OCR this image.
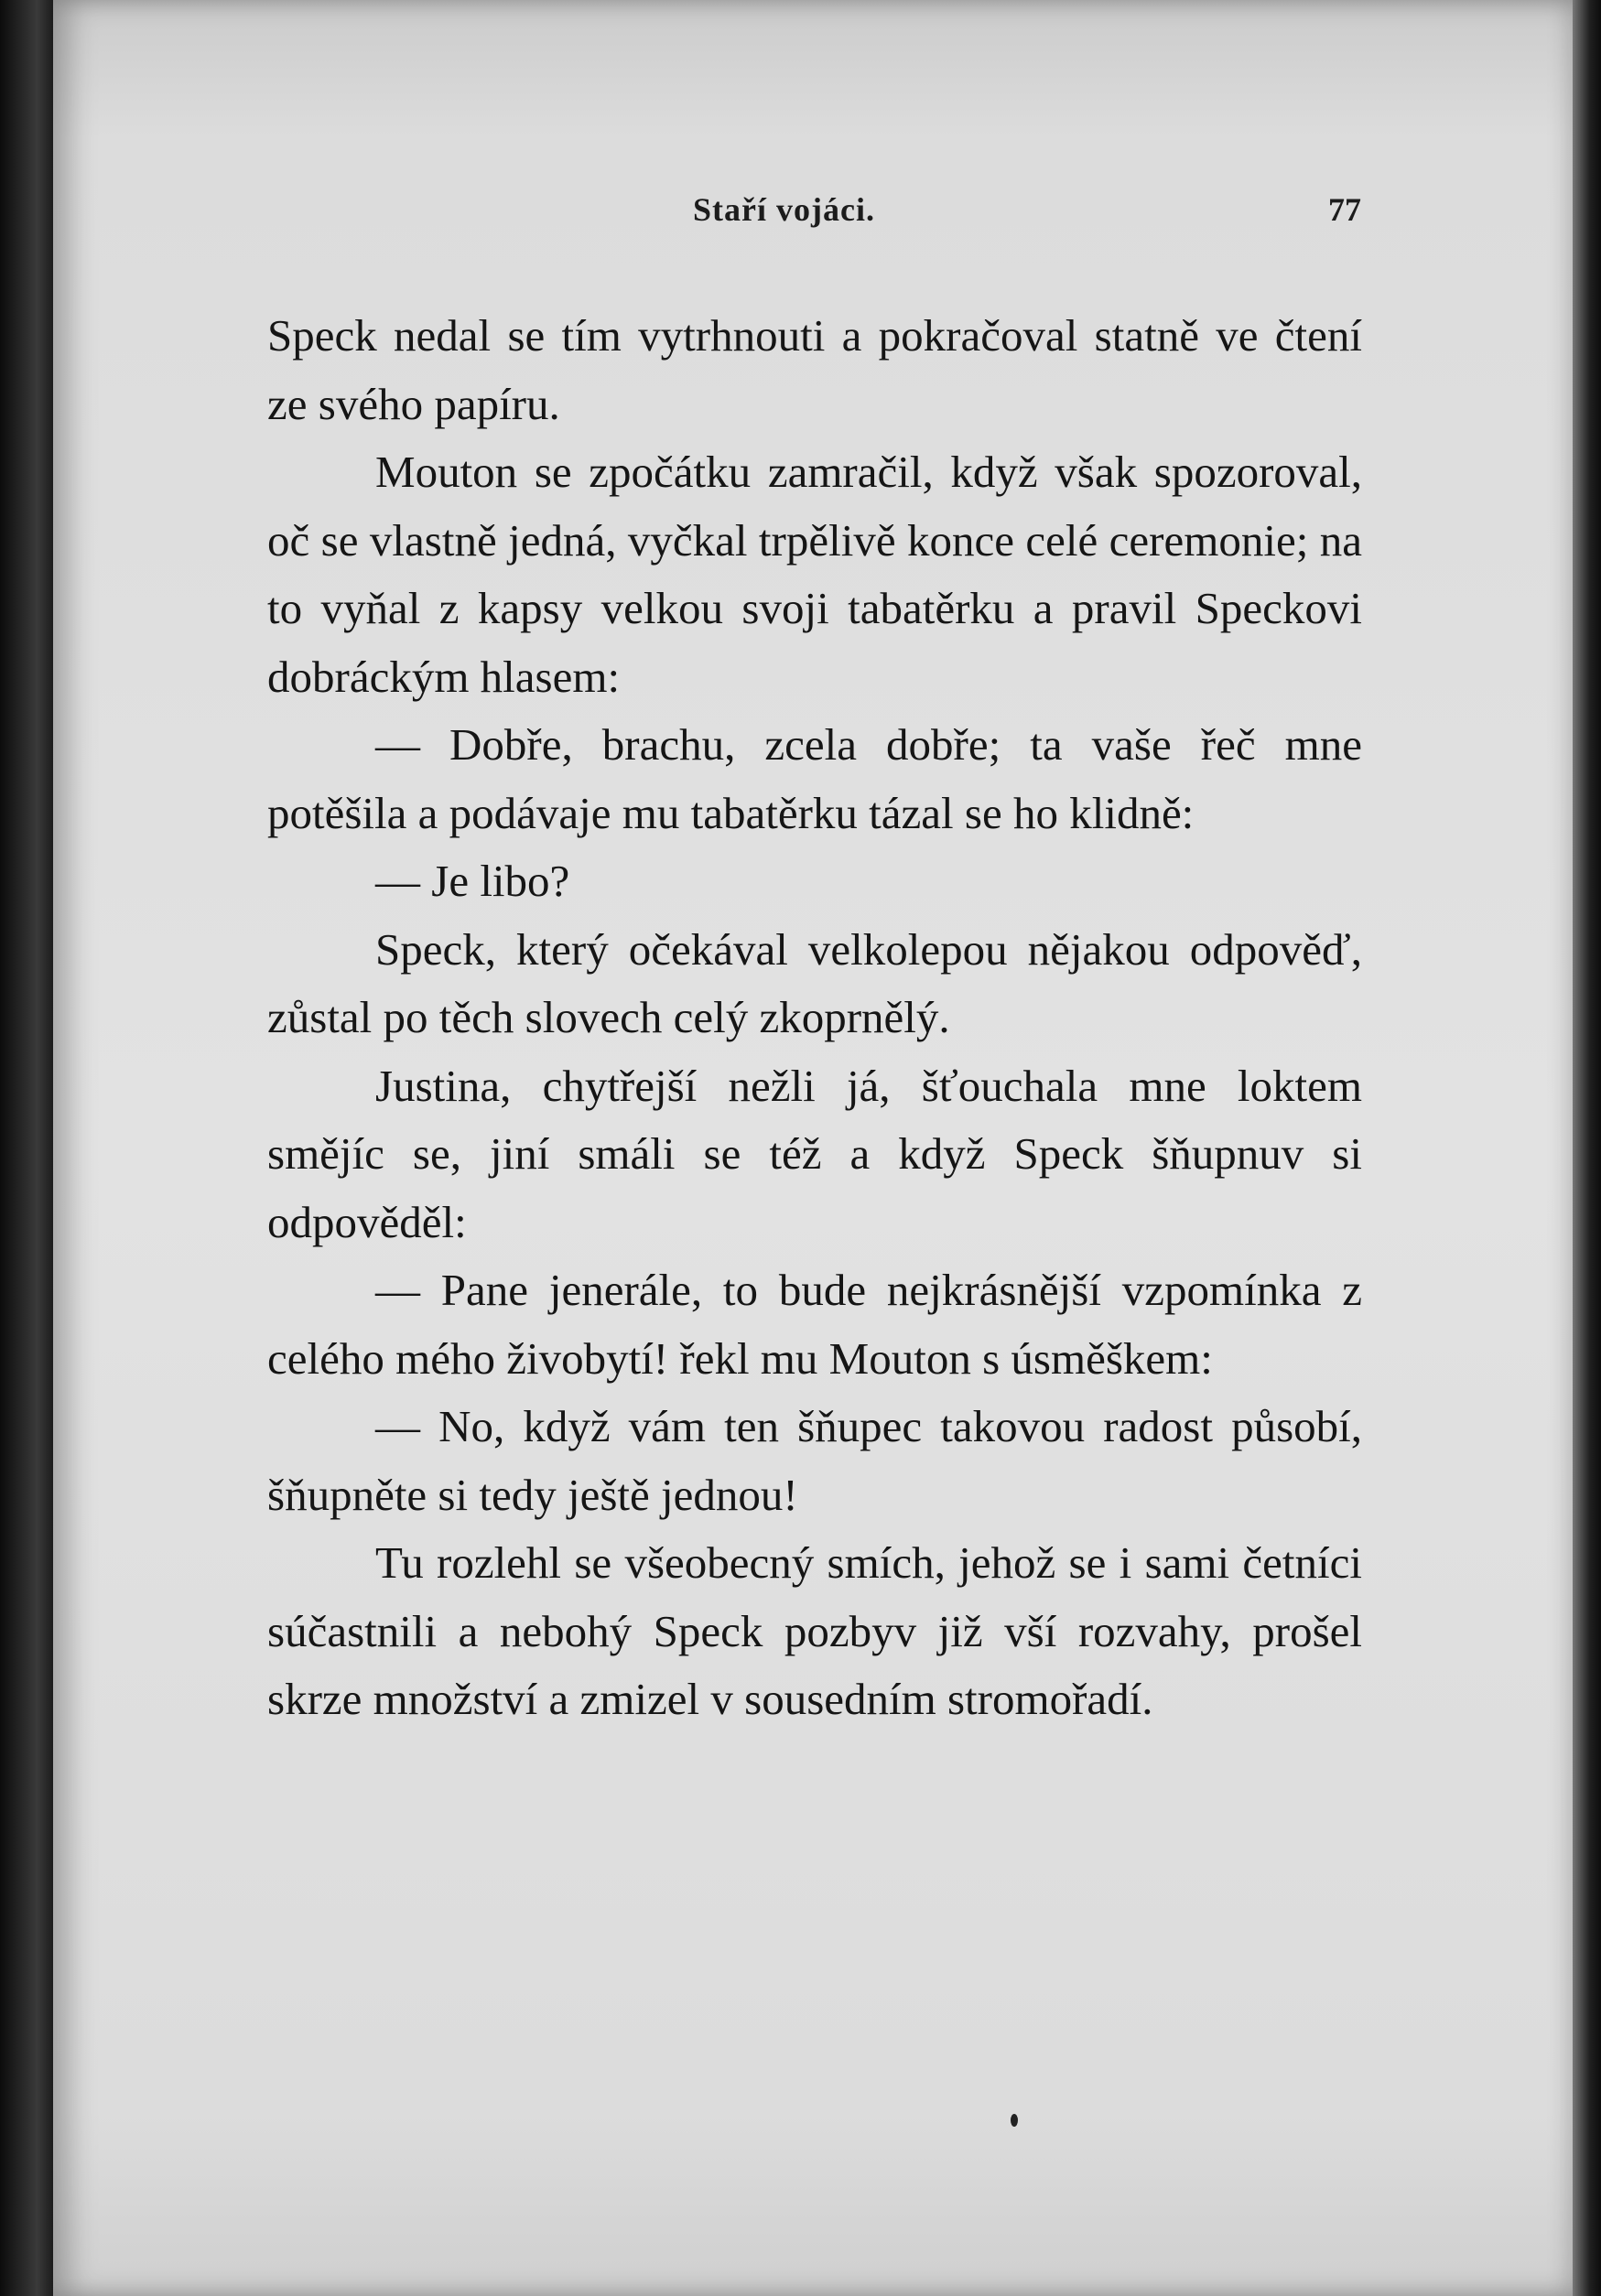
Staří vojáci.	77

Speck nedal se tím vytrhnouti a pokračoval statně ve čtení ze svého papíru.

Mouton se zpočátku zamračil, když však spozoroval, oč se vlastně jedná, vyčkal trpělivě konce celé ceremonie; na to vyňal z kapsy velkou svoji tabatěrku a pravil Speckovi dobráckým hlasem:

— Dobře, brachu, zcela dobře; ta vaše řeč mne potěšila a podávaje mu tabatěrku tázal se ho klidně:

— Je libo?

Speck, který očekával velkolepou nějakou odpověď, zůstal po těch slovech celý zkoprnělý.

Justina, chytřejší nežli já, šťouchala mne loktem smějíc se, jiní smáli se též a když Speck šňupnuv si odpověděl:

— Pane jenerále, to bude nejkrásnější vzpomínka z celého mého živobytí! řekl mu Mouton s úsměškem:

— No, když vám ten šňupec takovou radost působí, šňupněte si tedy ještě jednou!

Tu rozlehl se všeobecný smích, jehož se i sami četníci súčastnili a nebohý Speck pozbyv již vší rozvahy, prošel skrze množství a zmizel v sousedním stromořadí.
